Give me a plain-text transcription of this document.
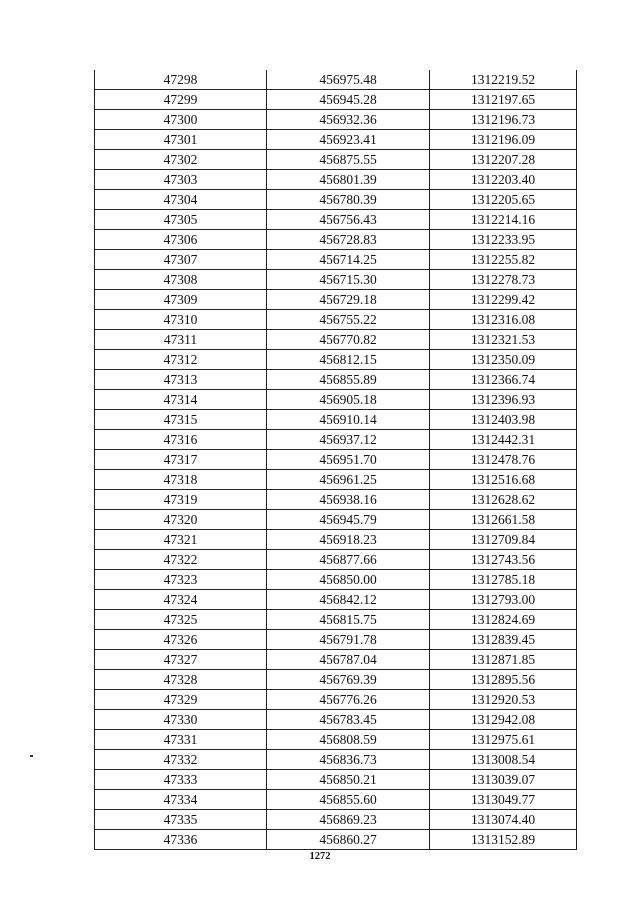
47298	456975.48	1312219.52
47299	456945.28	1312197.65
47300	456932.36	1312196.73
47301	456923.41	1312196.09
47302	456875.55	1312207.28
47303	456801.39	1312203.40
47304	456780.39	1312205.65
47305	456756.43	1312214.16
47306	456728.83	1312233.95
47307	456714.25	1312255.82
47308	456715.30	1312278.73
47309	456729.18	1312299.42
47310	456755.22	1312316.08
47311	456770.82	1312321.53
47312	456812.15	1312350.09
47313	456855.89	1312366.74
47314	456905.18	1312396.93
47315	456910.14	1312403.98
47316	456937.12	1312442.31
47317	456951.70	1312478.76
47318	456961.25	1312516.68
47319	456938.16	1312628.62
47320	456945.79	1312661.58
47321	456918.23	1312709.84
47322	456877.66	1312743.56
47323	456850.00	1312785.18
47324	456842.12	1312793.00
47325	456815.75	1312824.69
47326	456791.78	1312839.45
47327	456787.04	1312871.85
47328	456769.39	1312895.56
47329	456776.26	1312920.53
47330	456783.45	1312942.08
47331	456808.59	1312975.61
47332	456836.73	1313008.54
47333	456850.21	1313039.07
47334	456855.60	1313049.77
47335	456869.23	1313074.40
47336	456860.27	1313152.89
1272
